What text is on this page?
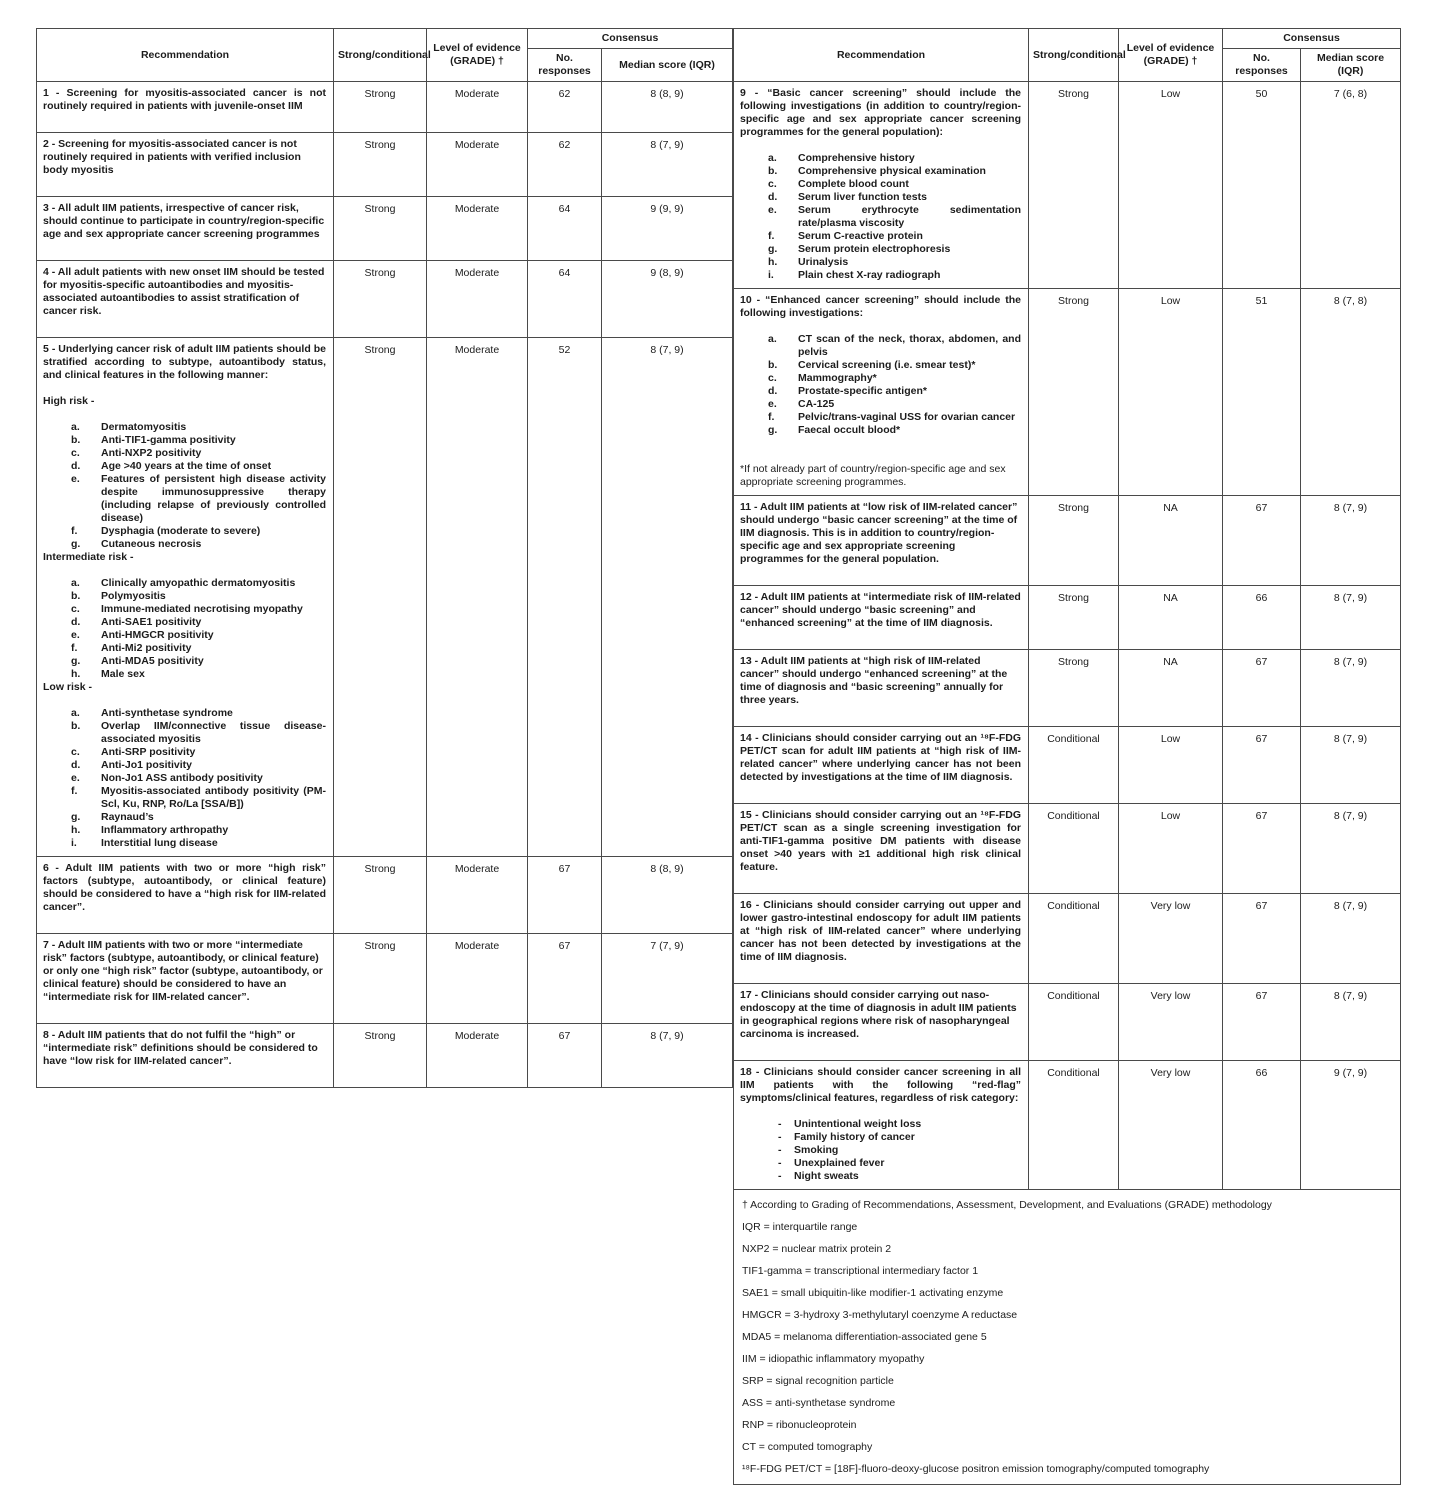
Recommendation	Strong/conditional	Level of evidence
(GRADE) †	Consensus	
			No. responses	Median score (IQR)

1 - Screening for myositis-associated cancer is not routinely required in patients with juvenile-onset IIM	Strong	Moderate	62	8 (8, 9)

2 - Screening for myositis-associated cancer is not routinely required in patients with verified inclusion body myositis	Strong	Moderate	62	8 (7, 9)

3 - All adult IIM patients, irrespective of cancer risk, should continue to participate in country/region-specific age and sex appropriate cancer screening programmes	Strong	Moderate	64	9 (9, 9)

4 - All adult patients with new onset IIM should be tested for myositis-specific autoantibodies and myositis-associated autoantibodies to assist stratification of cancer risk.	Strong	Moderate	64	9 (8, 9)

5 - Underlying cancer risk of adult IIM patients should be stratified according to subtype, autoantibody status, and clinical features in the following manner:
High risk -
a.	Dermatomyositis
b.	Anti-TIF1-gamma positivity
c.	Anti-NXP2 positivity
d.	Age >40 years at the time of onset
e.	Features of persistent high disease activity despite immunosuppressive therapy (including relapse of previously controlled disease)
f.	Dysphagia (moderate to severe)
g.	Cutaneous necrosis
Intermediate risk -
a.	Clinically amyopathic dermatomyositis
b.	Polymyositis
c.	Immune-mediated necrotising myopathy
d.	Anti-SAE1 positivity
e.	Anti-HMGCR positivity
f.	Anti-Mi2 positivity
g.	Anti-MDA5 positivity
h.	Male sex
Low risk -
a.	Anti-synthetase syndrome
b.	Overlap IIM/connective tissue disease-associated myositis
c.	Anti-SRP positivity
d.	Anti-Jo1 positivity
e.	Non-Jo1 ASS antibody positivity
f.	Myositis-associated antibody positivity (PM-Scl, Ku, RNP, Ro/La [SSA/B])
g.	Raynaud’s
h.	Inflammatory arthropathy
i.	Interstitial lung disease
	Strong	Moderate	52	8 (7, 9)

6 - Adult IIM patients with two or more “high risk” factors (subtype, autoantibody, or clinical feature) should be considered to have a “high risk for IIM-related cancer”.	Strong	Moderate	67	8 (8, 9)

7 - Adult IIM patients with two or more “intermediate risk” factors (subtype, autoantibody, or clinical feature) or only one “high risk” factor (subtype, autoantibody, or clinical feature) should be considered to have an “intermediate risk for IIM-related cancer”.	Strong	Moderate	67	7 (7, 9)

8 - Adult IIM patients that do not fulfil the “high” or “intermediate risk” definitions should be considered to have “low risk for IIM-related cancer”.	Strong	Moderate	67	8 (7, 9)
Recommendation	Strong/conditional	Level of evidence
(GRADE) †	Consensus	
			No. responses	Median score (IQR)

9 - “Basic cancer screening” should include the following investigations (in addition to country/region-specific age and sex appropriate cancer screening programmes for the general population):
a.	Comprehensive history
b.	Comprehensive physical examination
c.	Complete blood count
d.	Serum liver function tests
e.	Serum erythrocyte sedimentation rate/plasma viscosity
f.	Serum C-reactive protein
g.	Serum protein electrophoresis
h.	Urinalysis
i.	Plain chest X-ray radiograph
	Strong	Low	50	7 (6, 8)

10 - “Enhanced cancer screening” should include the following investigations:
a.	CT scan of the neck, thorax, abdomen, and pelvis
b.	Cervical screening (i.e. smear test)*
c.	Mammography*
d.	Prostate-specific antigen*
e.	CA-125
f.	Pelvic/trans-vaginal USS for ovarian cancer
g.	Faecal occult blood*
*If not already part of country/region-specific age and sex appropriate screening programmes.
	Strong	Low	51	8 (7, 8)

11 - Adult IIM patients at “low risk of IIM-related cancer” should undergo “basic cancer screening” at the time of IIM diagnosis. This is in addition to country/region-specific age and sex appropriate screening programmes for the general population.	Strong	NA	67	8 (7, 9)

12 - Adult IIM patients at “intermediate risk of IIM-related cancer” should undergo “basic screening” and “enhanced screening” at the time of IIM diagnosis.	Strong	NA	66	8 (7, 9)

13 - Adult IIM patients at “high risk of IIM-related cancer” should undergo “enhanced screening” at the time of diagnosis and “basic screening” annually for three years.	Strong	NA	67	8 (7, 9)

14 - Clinicians should consider carrying out an ¹⁸F-FDG PET/CT scan for adult IIM patients at “high risk of IIM-related cancer” where underlying cancer has not been detected by investigations at the time of IIM diagnosis.	Conditional	Low	67	8 (7, 9)

15 - Clinicians should consider carrying out an ¹⁸F-FDG PET/CT scan as a single screening investigation for anti-TIF1-gamma positive DM patients with disease onset >40 years with ≥1 additional high risk clinical feature.	Conditional	Low	67	8 (7, 9)

16 - Clinicians should consider carrying out upper and lower gastro-intestinal endoscopy for adult IIM patients at “high risk of IIM-related cancer” where underlying cancer has not been detected by investigations at the time of IIM diagnosis.	Conditional	Very low	67	8 (7, 9)

17 - Clinicians should consider carrying out naso-endoscopy at the time of diagnosis in adult IIM patients in geographical regions where risk of nasopharyngeal carcinoma is increased.	Conditional	Very low	67	8 (7, 9)

18 - Clinicians should consider cancer screening in all IIM patients with the following “red-flag” symptoms/clinical features, regardless of risk category:
-	Unintentional weight loss
-	Family history of cancer
-	Smoking
-	Unexplained fever
-	Night sweats
	Conditional	Very low	66	9 (7, 9)

† According to Grading of Recommendations, Assessment, Development, and Evaluations (GRADE) methodology
IQR = interquartile range
NXP2 = nuclear matrix protein 2
TIF1-gamma = transcriptional intermediary factor 1
SAE1 = small ubiquitin-like modifier-1 activating enzyme
HMGCR = 3-hydroxy 3-methylutaryl coenzyme A reductase
MDA5 = melanoma differentiation-associated gene 5
IIM = idiopathic inflammatory myopathy
SRP = signal recognition particle
ASS = anti-synthetase syndrome
RNP = ribonucleoprotein
CT = computed tomography
¹⁸F-FDG PET/CT = [18F]-fluoro-deoxy-glucose positron emission tomography/computed tomography
